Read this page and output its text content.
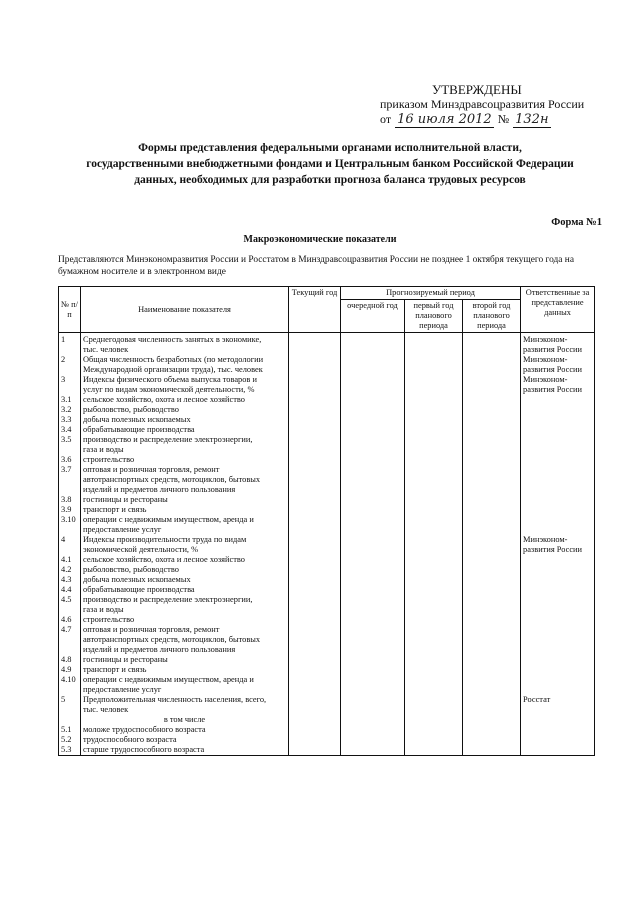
УТВЕРЖДЕНЫ
приказом Минздравсоцразвития России
от 16 июля 2012 № 132н
Формы представления федеральными органами исполнительной власти,
государственными внебюджетными фондами и Центральным банком Российской Федерации
данных, необходимых для разработки прогноза баланса трудовых ресурсов
Форма №1
Макроэкономические показатели
Представляются Минэкономразвития России и Росстатом в Минздравсоцразвития России не позднее 1 октября текущего года на бумажном носителе и в электронном виде
№ п/п	Наименование показателя	Текущий год	Прогнозируемый период			Ответственные за представление данных
			очередной год	первый год планового периода	второй год планового периода	
1	Среднегодовая численность занятых в экономике,					Минэконом-
	тыс. человек					развития России
2	Общая численность безработных (по методологии					Минэконом-
	Международной организации труда), тыс. человек					развития России
3	Индексы физического объема выпуска товаров и					Минэконом-
	услуг по видам экономической деятельности, %					развития России
3.1	сельское хозяйство, охота и лесное хозяйство					
3.2	рыболовство, рыбоводство					
3.3	добыча полезных ископаемых					
3.4	обрабатывающие производства					
3.5	производство и распределение электроэнергии,					
	газа и воды					
3.6	строительство					
3.7	оптовая и розничная торговля, ремонт					
	автотранспортных средств, мотоциклов, бытовых					
	изделий и предметов личного пользования					
3.8	гостиницы и рестораны					
3.9	транспорт и связь					
3.10	операции с недвижимым имуществом, аренда и					
	предоставление услуг					
4	Индексы производительности труда по видам					Минэконом-
	экономической деятельности, %					развития России
4.1	сельское хозяйство, охота и лесное хозяйство					
4.2	рыболовство, рыбоводство					
4.3	добыча полезных ископаемых					
4.4	обрабатывающие производства					
4.5	производство и распределение электроэнергии,					
	газа и воды					
4.6	строительство					
4.7	оптовая и розничная торговля, ремонт					
	автотранспортных средств, мотоциклов, бытовых					
	изделий и предметов личного пользования					
4.8	гостиницы и рестораны					
4.9	транспорт и связь					
4.10	операции с недвижимым имуществом, аренда и					
	предоставление услуг					
5	Предположительная численность населения, всего,					Росстат
	тыс. человек					
	в том числе					
5.1	моложе трудоспособного возраста					
5.2	трудоспособного возраста					
5.3	старше трудоспособного возраста					
